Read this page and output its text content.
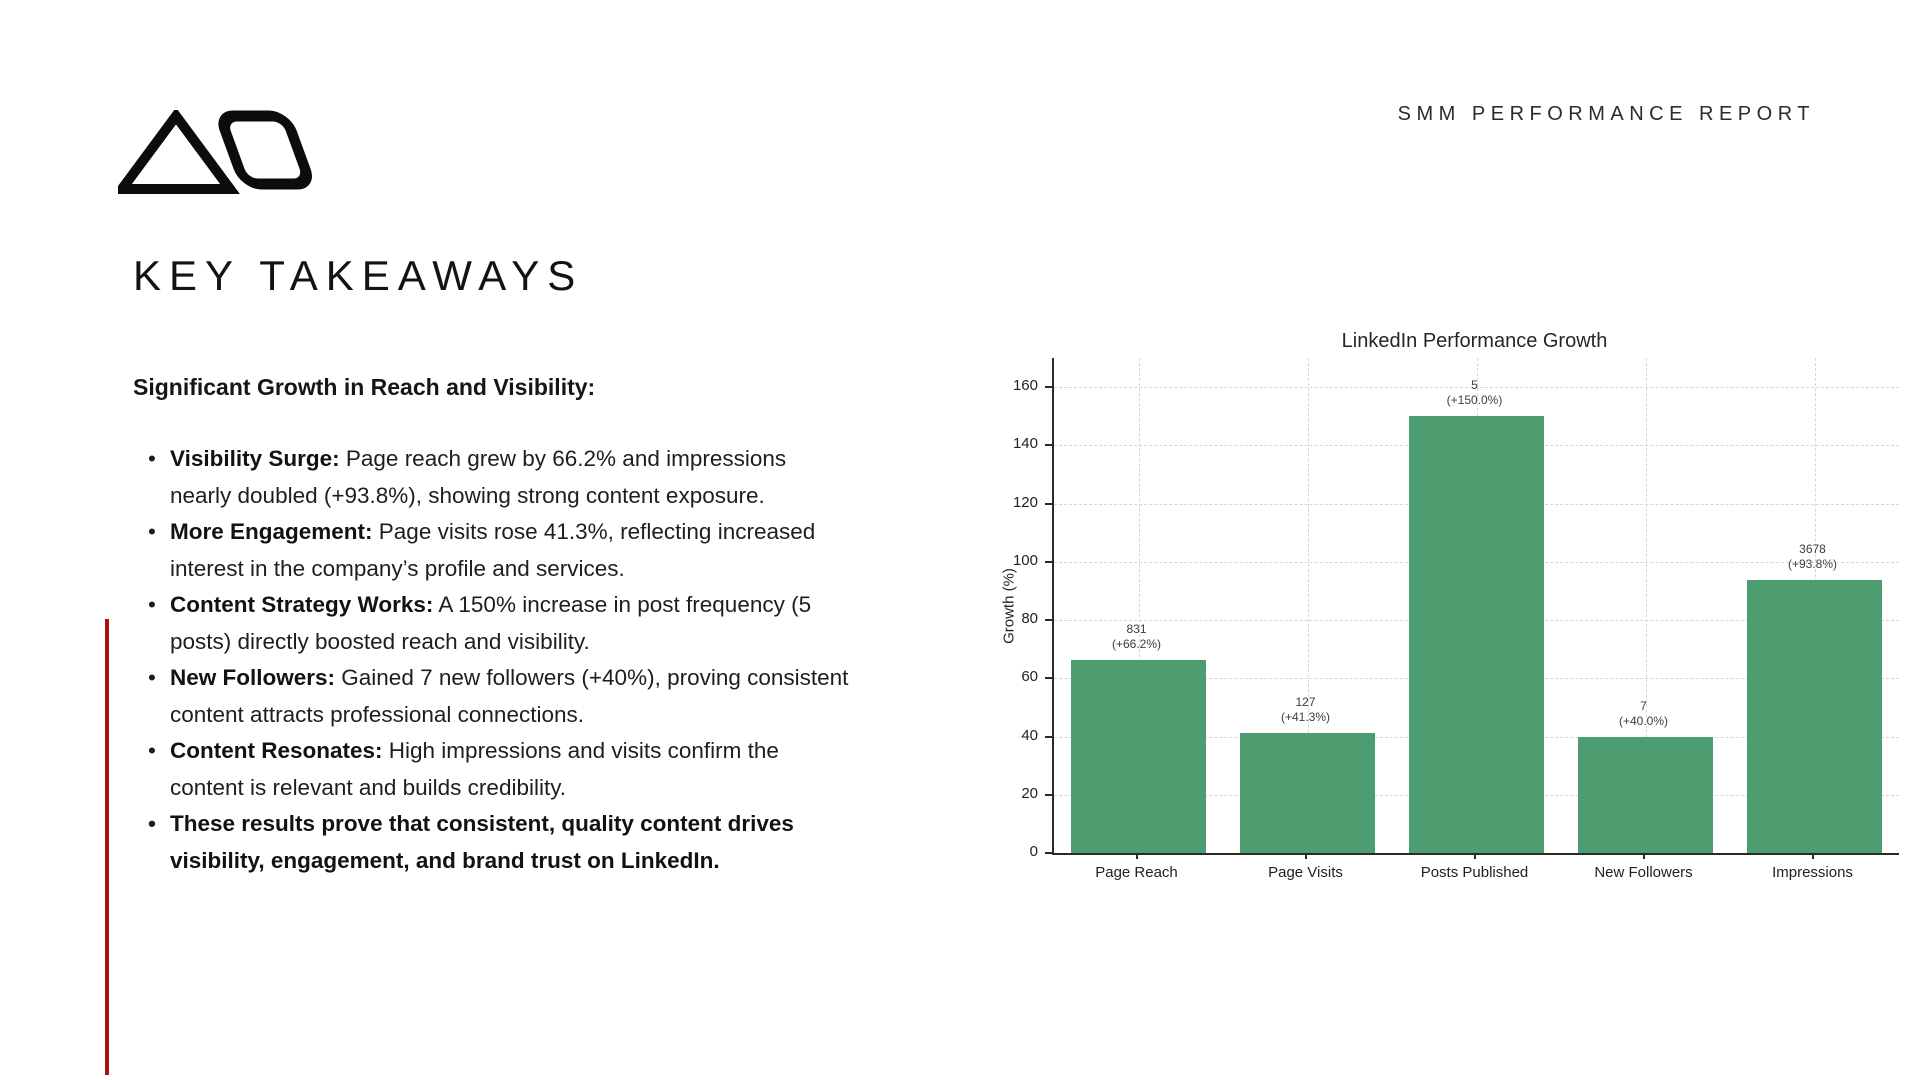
SMM PERFORMANCE REPORT
KEY TAKEAWAYS

Significant Growth in Reach and Visibility:

• Visibility Surge: Page reach grew by 66.2% and impressions nearly doubled (+93.8%), showing strong content exposure.
• More Engagement: Page visits rose 41.3%, reflecting increased interest in the company’s profile and services.
• Content Strategy Works: A 150% increase in post frequency (5 posts) directly boosted reach and visibility.
• New Followers: Gained 7 new followers (+40%), proving consistent content attracts professional connections.
• Content Resonates: High impressions and visits confirm the content is relevant and builds credibility.
• These results prove that consistent, quality content drives visibility, engagement, and brand trust on LinkedIn.
LinkedIn Performance Growth
Growth (%)
0
20
40
60
80
100
120
140
160
831
(+66.2%)
Page Reach
127
(+41.3%)
Page Visits
5
(+150.0%)
Posts Published
7
(+40.0%)
New Followers
3678
(+93.8%)
Impressions
